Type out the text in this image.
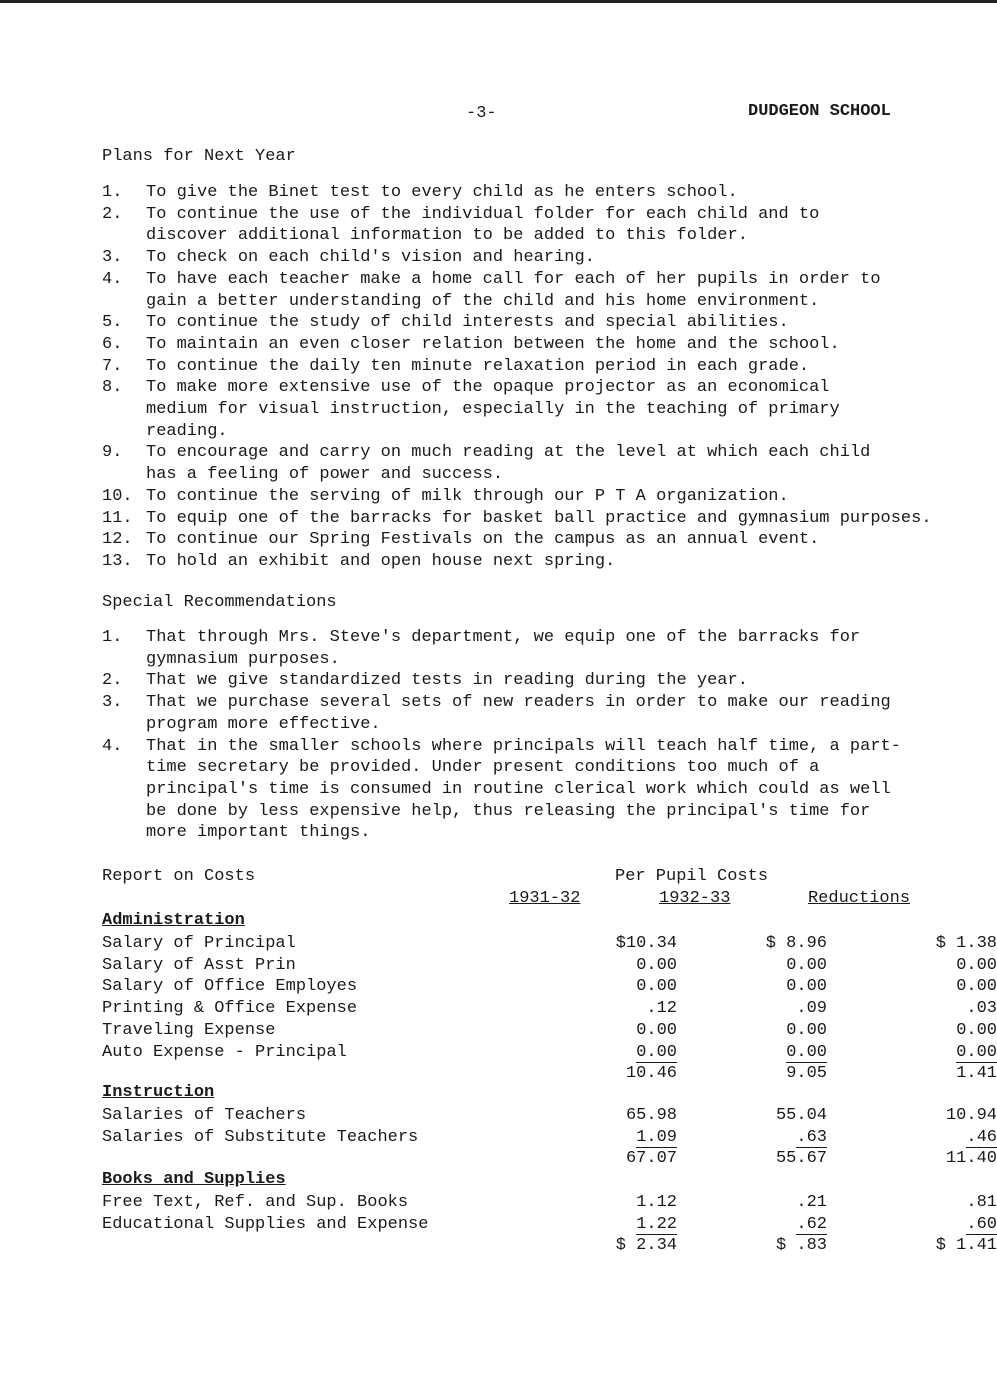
-3-	DUDGEON SCHOOL
Plans for Next Year
1. To give the Binet test to every child as he enters school.
2. To continue the use of the individual folder for each child and to
discover additional information to be added to this folder.
3. To check on each child's vision and hearing.
4. To have each teacher make a home call for each of her pupils in order to
gain a better understanding of the child and his home environment.
5. To continue the study of child interests and special abilities.
6. To maintain an even closer relation between the home and the school.
7. To continue the daily ten minute relaxation period in each grade.
8. To make more extensive use of the opaque projector as an economical
medium for visual instruction, especially in the teaching of primary
reading.
9. To encourage and carry on much reading at the level at which each child
has a feeling of power and success.
10. To continue the serving of milk through our P T A organization.
11. To equip one of the barracks for basket ball practice and gymnasium purposes.
12. To continue our Spring Festivals on the campus as an annual event.
13. To hold an exhibit and open house next spring.
Special Recommendations
1. That through Mrs. Steve's department, we equip one of the barracks for
gymnasium purposes.
2. That we give standardized tests in reading during the year.
3. That we purchase several sets of new readers in order to make our reading
program more effective.
4. That in the smaller schools where principals will teach half time, a part-
time secretary be provided. Under present conditions too much of a
principal's time is consumed in routine clerical work which could as well
be done by less expensive help, thus releasing the principal's time for
more important things.
Report on Costs	Per Pupil Costs
1931-32	1932-33	Reductions
Administration
Salary of Principal	$10.34	$ 8.96	$ 1.38
Salary of Asst Prin	0.00	0.00	0.00
Salary of Office Employes	0.00	0.00	0.00
Printing & Office Expense	.12	.09	.03
Traveling Expense	0.00	0.00	0.00
Auto Expense - Principal	0.00	0.00	0.00
10.46	9.05	1.41
Instruction
Salaries of Teachers	65.98	55.04	10.94
Salaries of Substitute Teachers	1.09	.63	.46
67.07	55.67	11.40
Books and Supplies
Free Text, Ref. and Sup. Books	1.12	.21	.81
Educational Supplies and Expense	1.22	.62	.60
$ 2.34	$ .83	$ 1.41
